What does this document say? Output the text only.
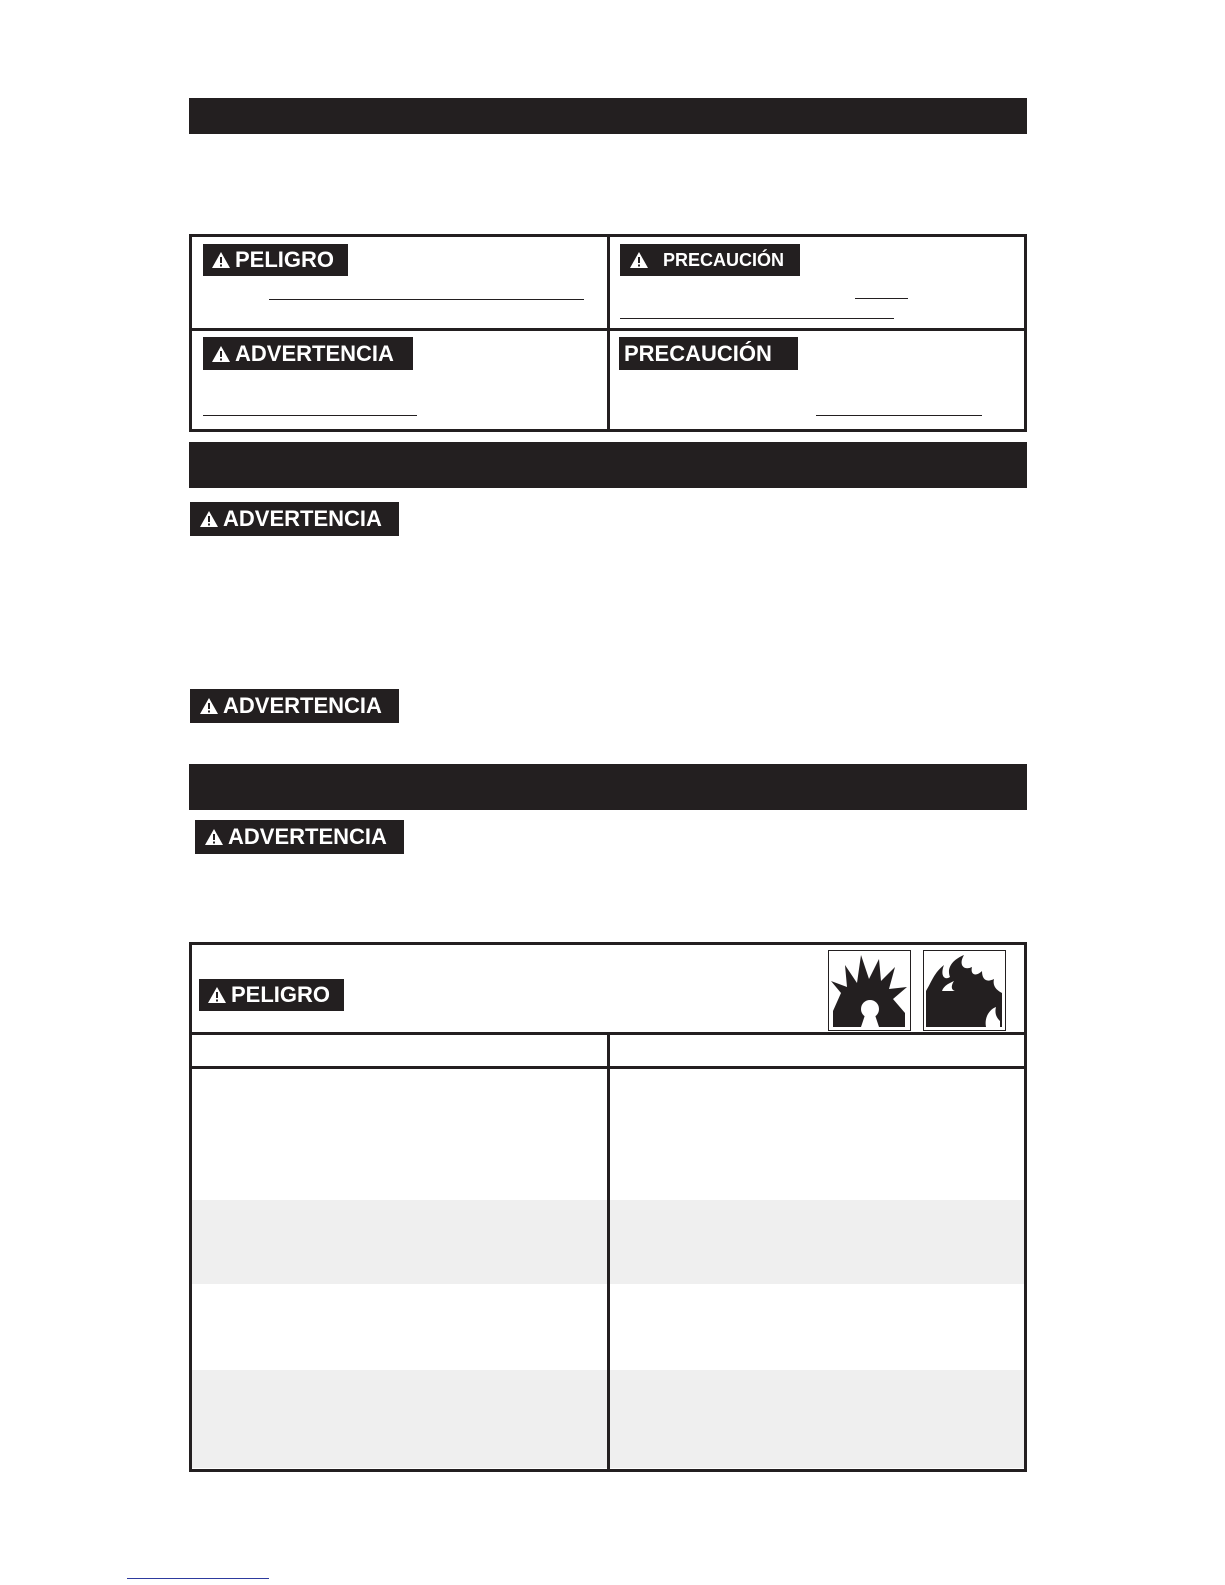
PELIGRO	PRECAUCIÓN
ADVERTENCIA	PRECAUCIÓN
ADVERTENCIA
ADVERTENCIA
ADVERTENCIA
PELIGRO
